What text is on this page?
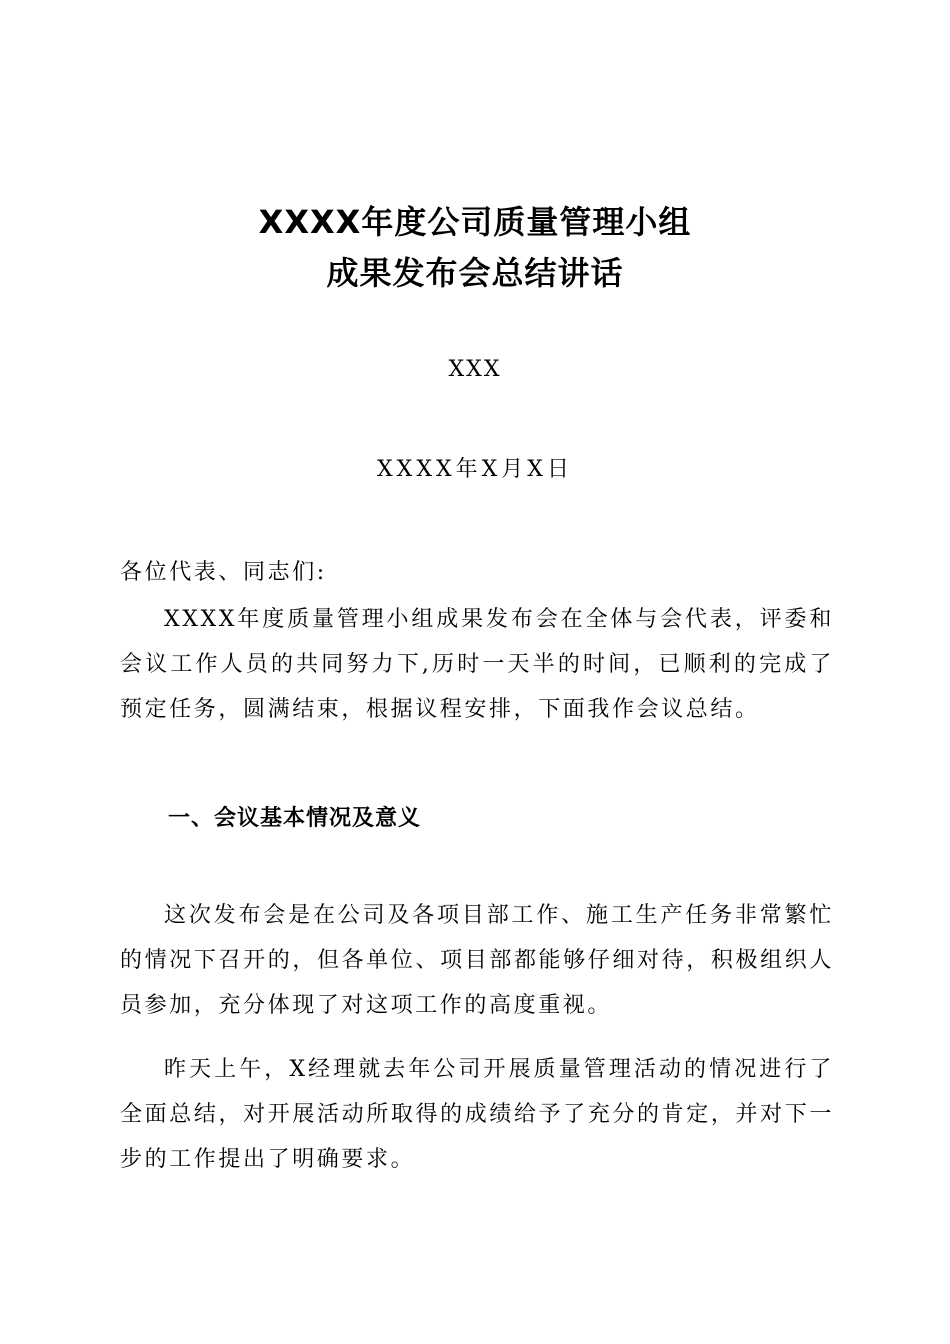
XXXX年度公司质量管理小组
成果发布会总结讲话
XXX
XXXX年X月X日

各位代表、同志们:

XXXX年度质量管理小组成果发布会在全体与会代表，评委和会议工作人员的共同努力下,历时一天半的时间，已顺利的完成了预定任务，圆满结束，根据议程安排，下面我作会议总结。

一、会议基本情况及意义

这次发布会是在公司及各项目部工作、施工生产任务非常繁忙的情况下召开的，但各单位、项目部都能够仔细对待，积极组织人员参加，充分体现了对这项工作的高度重视。

昨天上午，X经理就去年公司开展质量管理活动的情况进行了全面总结，对开展活动所取得的成绩给予了充分的肯定，并对下一步的工作提出了明确要求。
